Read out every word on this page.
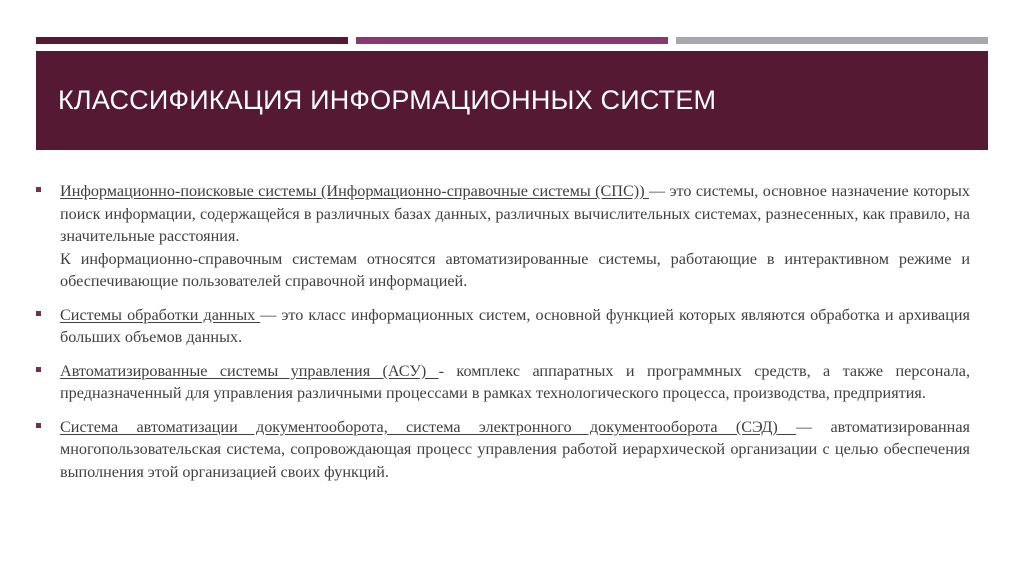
КЛАССИФИКАЦИЯ ИНФОРМАЦИОННЫХ СИСТЕМ
Информационно-поисковые системы (Информационно-справочные системы (СПС)) — это системы, основное назначение которых поиск информации, содержащейся в различных базах данных, различных вычислительных системах, разнесенных, как правило, на значительные расстояния.
К информационно-справочным системам относятся автоматизированные системы, работающие в интерактивном режиме и обеспечивающие пользователей справочной информацией.
Системы обработки данных — это класс информационных систем, основной функцией которых являются обработка и архивация больших объемов данных.
Автоматизированные системы управления (АСУ) - комплекс аппаратных и программных средств, а также персонала, предназначенный для управления различными процессами в рамках технологического процесса, производства, предприятия.
Система автоматизации документооборота, система электронного документооборота (СЭД) — автоматизированная многопользовательская система, сопровождающая процесс управления работой иерархической организации с целью обеспечения выполнения этой организацией своих функций.
